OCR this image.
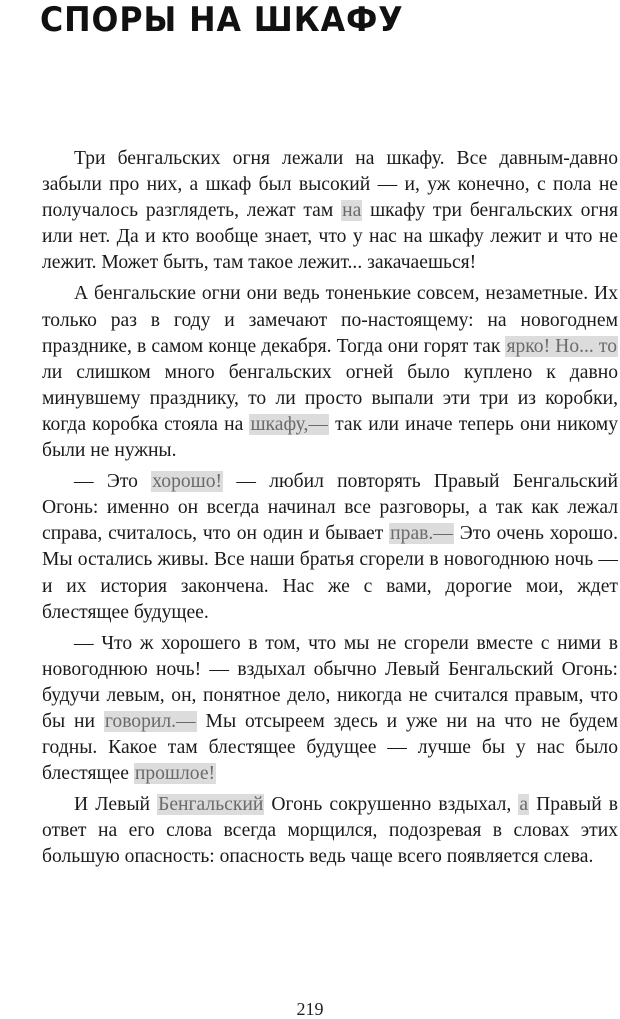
СПОРЫ НА ШКАФУ

Три бенгальских огня лежали на шкафу. Все давным-давно забыли про них, а шкаф был высокий — и, уж конечно, с пола не получалось разглядеть, лежат там на шкафу три бенгальских огня или нет. Да и кто вообще знает, что у нас на шкафу лежит и что не лежит. Может быть, там такое лежит... закачаешься!

А бенгальские огни они ведь тоненькие совсем, незаметные. Их только раз в году и замечают по-настоящему: на новогоднем празднике, в самом конце декабря. Тогда они горят так ярко! Но... то ли слишком много бенгальских огней было куплено к давно минувшему празднику, то ли просто выпали эти три из коробки, когда коробка стояла на шкафу,— так или иначе теперь они никому были не нужны.

— Это хорошо! — любил повторять Правый Бенгальский Огонь: именно он всегда начинал все разговоры, а так как лежал справа, считалось, что он один и бывает прав.— Это очень хорошо. Мы остались живы. Все наши братья сгорели в новогоднюю ночь — и их история закончена. Нас же с вами, дорогие мои, ждет блестящее будущее.

— Что ж хорошего в том, что мы не сгорели вместе с ними в новогоднюю ночь! — вздыхал обычно Левый Бенгальский Огонь: будучи левым, он, понятное дело, никогда не считался правым, что бы ни говорил.— Мы отсыреем здесь и уже ни на что не будем годны. Какое там блестящее будущее — лучше бы у нас было блестящее прошлое!

И Левый Бенгальский Огонь сокрушенно вздыхал, а Правый в ответ на его слова всегда морщился, подозревая в словах этих большую опасность: опасность ведь чаще всего появляется слева.

219
